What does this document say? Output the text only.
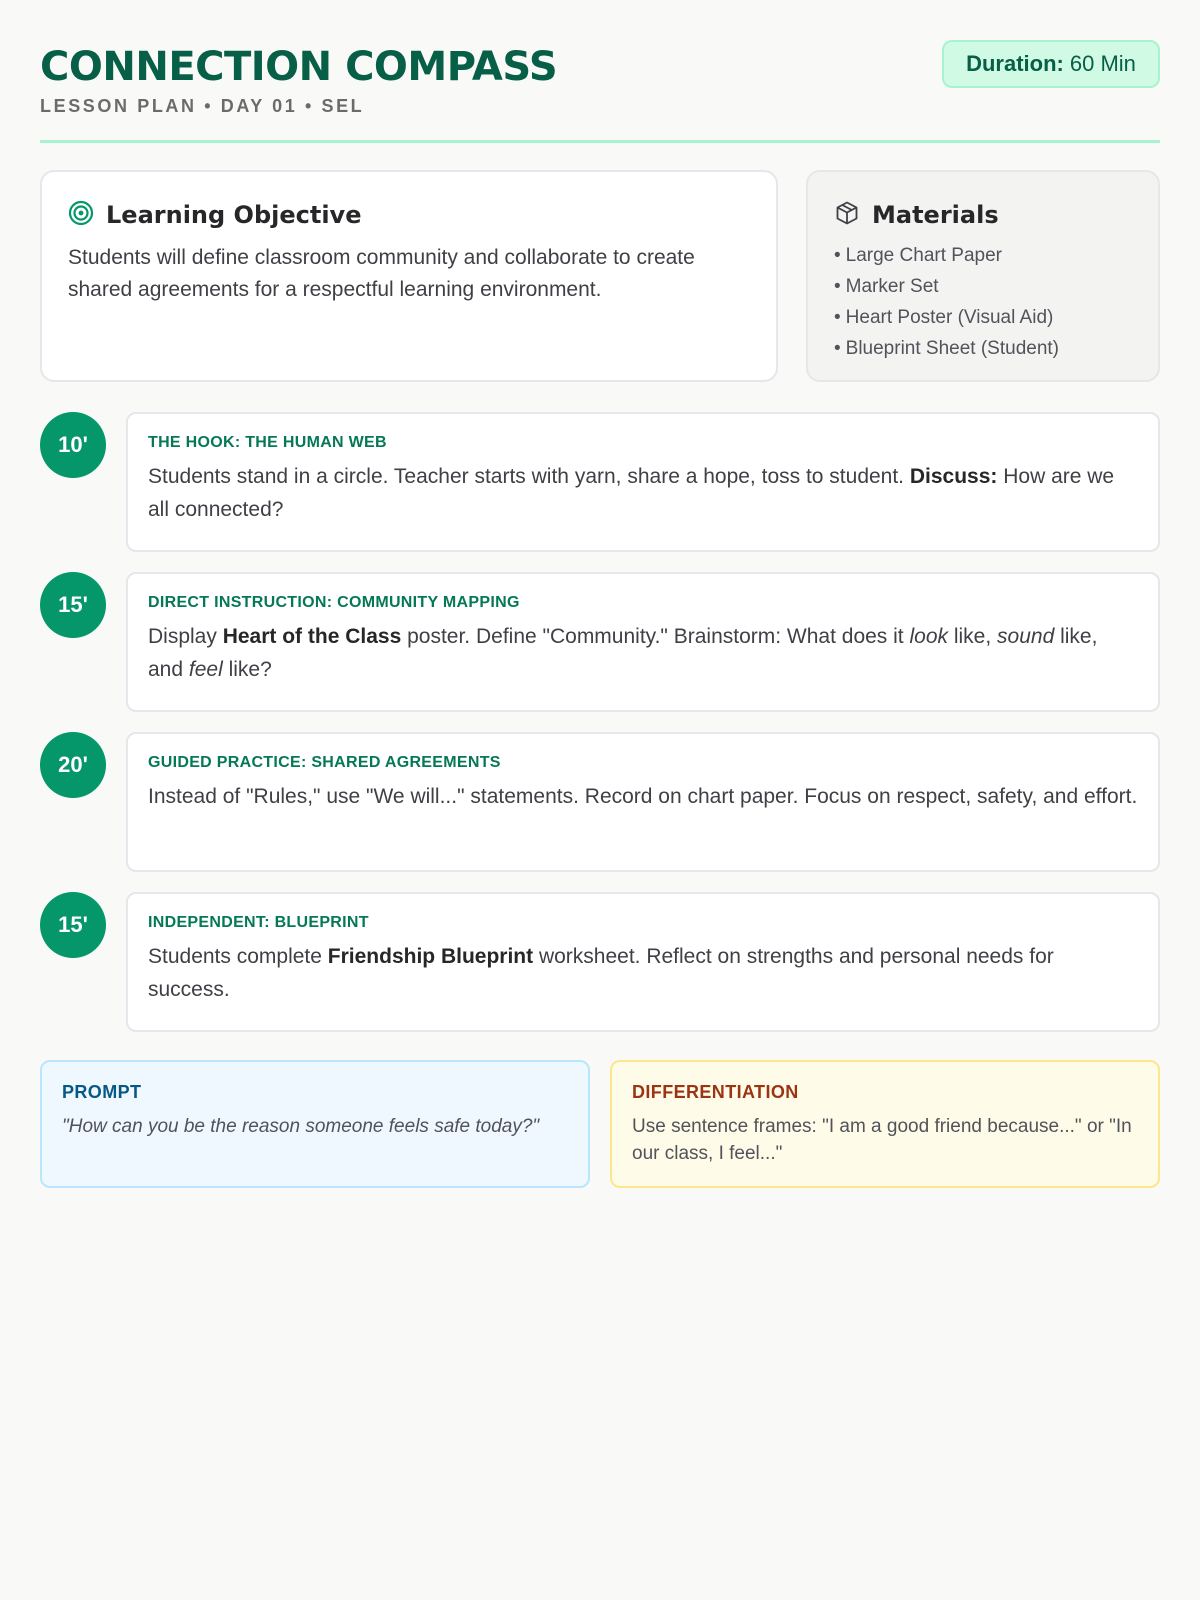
CONNECTION COMPASS
LESSON PLAN • DAY 01 • SEL
Duration: 60 Min
Learning Objective

Students will define classroom community and collaborate to create shared agreements for a respectful learning environment.

Materials
• Large Chart Paper
• Marker Set
• Heart Poster (Visual Aid)
• Blueprint Sheet (Student)
10'	THE HOOK: THE HUMAN WEB
Students stand in a circle. Teacher starts with yarn, share a hope, toss to student. Discuss: How are we all connected?
15'	DIRECT INSTRUCTION: COMMUNITY MAPPING
Display Heart of the Class poster. Define "Community." Brainstorm: What does it look like, sound like, and feel like?
20'	GUIDED PRACTICE: SHARED AGREEMENTS
Instead of "Rules," use "We will..." statements. Record on chart paper. Focus on respect, safety, and effort.
15'	INDEPENDENT: BLUEPRINT
Students complete Friendship Blueprint worksheet. Reflect on strengths and personal needs for success.
PROMPT
"How can you be the reason someone feels safe today?"
DIFFERENTIATION
Use sentence frames: "I am a good friend because..." or "In our class, I feel..."
